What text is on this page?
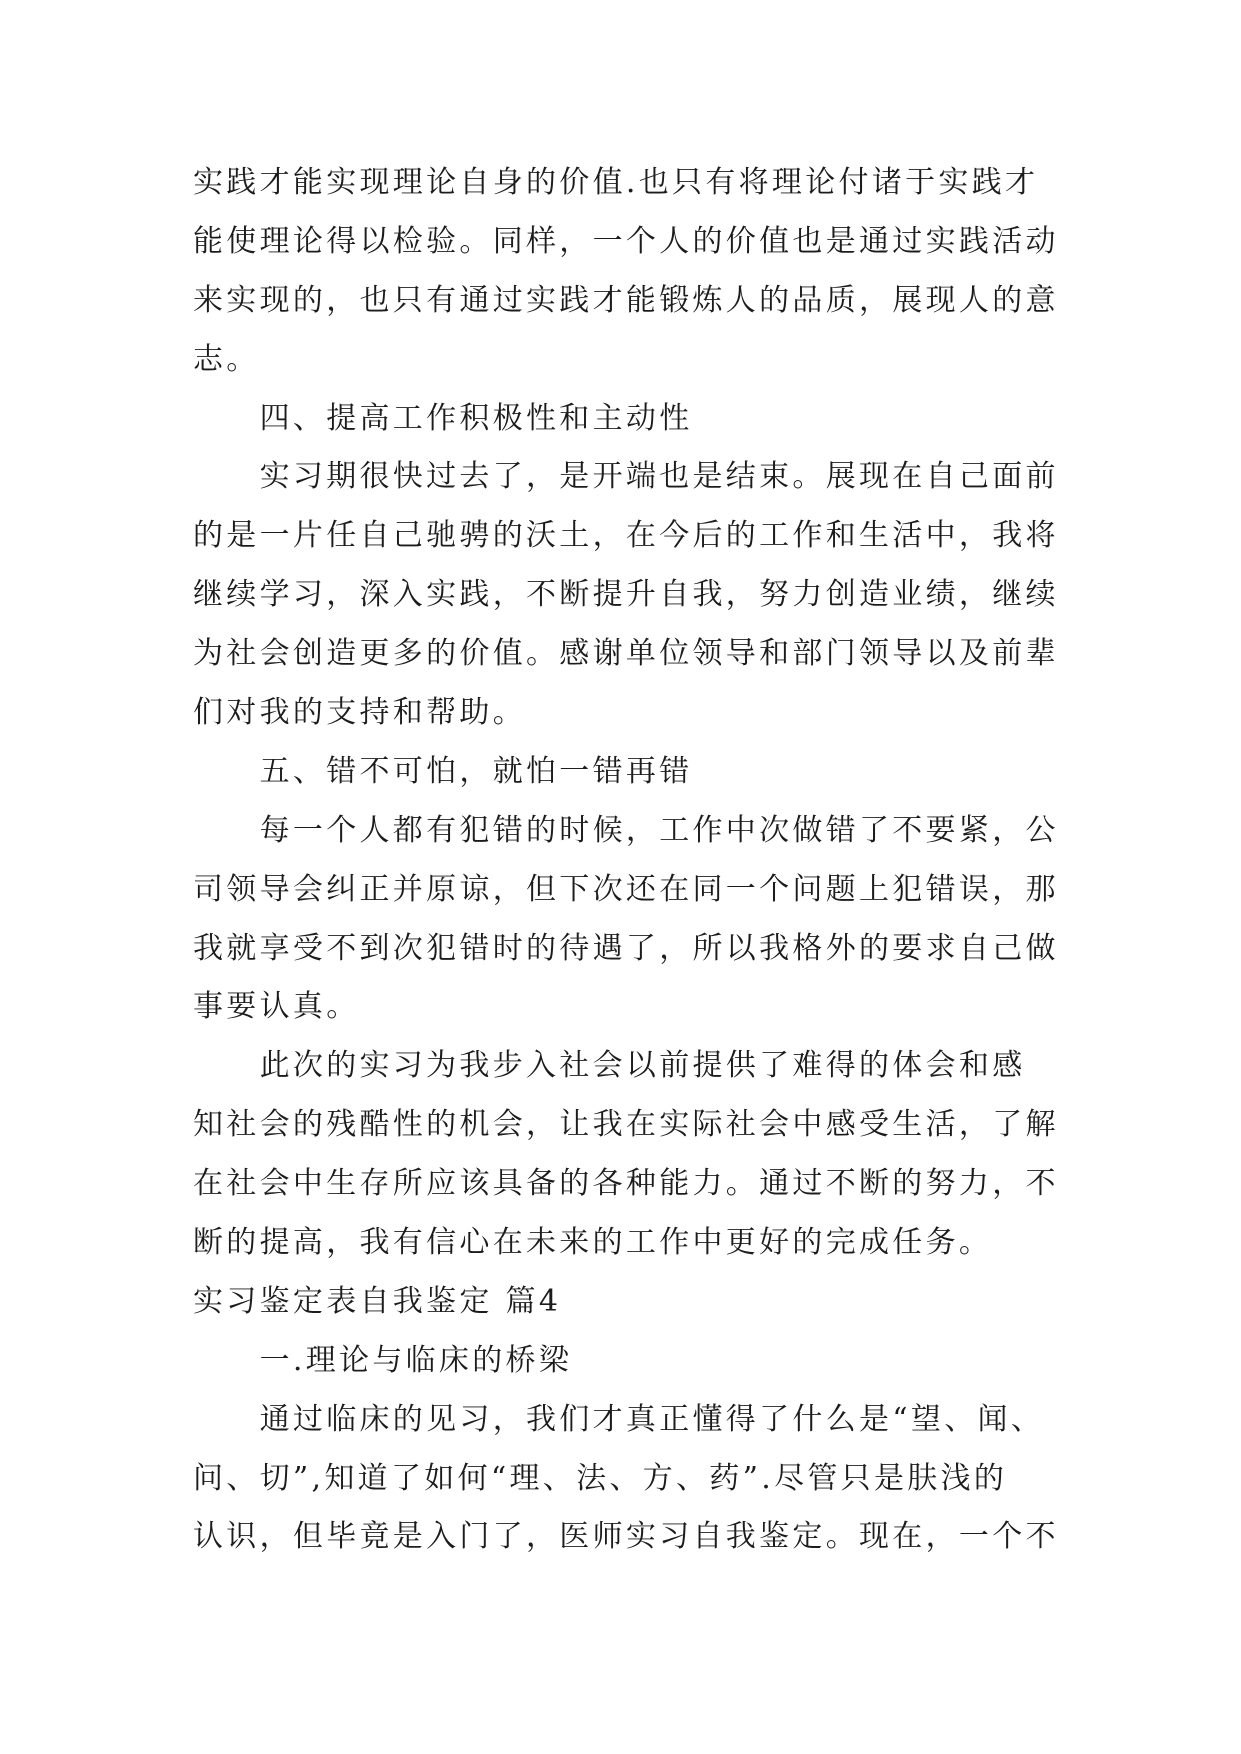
实践才能实现理论自身的价值.也只有将理论付诸于实践才
能使理论得以检验。同样，一个人的价值也是通过实践活动
来实现的，也只有通过实践才能锻炼人的品质，展现人的意
志。

四、提高工作积极性和主动性

实习期很快过去了，是开端也是结束。展现在自己面前
的是一片任自己驰骋的沃土，在今后的工作和生活中，我将
继续学习，深入实践，不断提升自我，努力创造业绩，继续
为社会创造更多的价值。感谢单位领导和部门领导以及前辈
们对我的支持和帮助。

五、错不可怕，就怕一错再错

每一个人都有犯错的时候，工作中次做错了不要紧，公
司领导会纠正并原谅，但下次还在同一个问题上犯错误，那
我就享受不到次犯错时的待遇了，所以我格外的要求自己做
事要认真。

此次的实习为我步入社会以前提供了难得的体会和感
知社会的残酷性的机会，让我在实际社会中感受生活，了解
在社会中生存所应该具备的各种能力。通过不断的努力，不
断的提高，我有信心在未来的工作中更好的完成任务。

实习鉴定表自我鉴定 篇4

一.理论与临床的桥梁

通过临床的见习，我们才真正懂得了什么是“望、闻、
问、切”,知道了如何“理、法、方、药”.尽管只是肤浅的
认识，但毕竟是入门了，医师实习自我鉴定。现在，一个不
